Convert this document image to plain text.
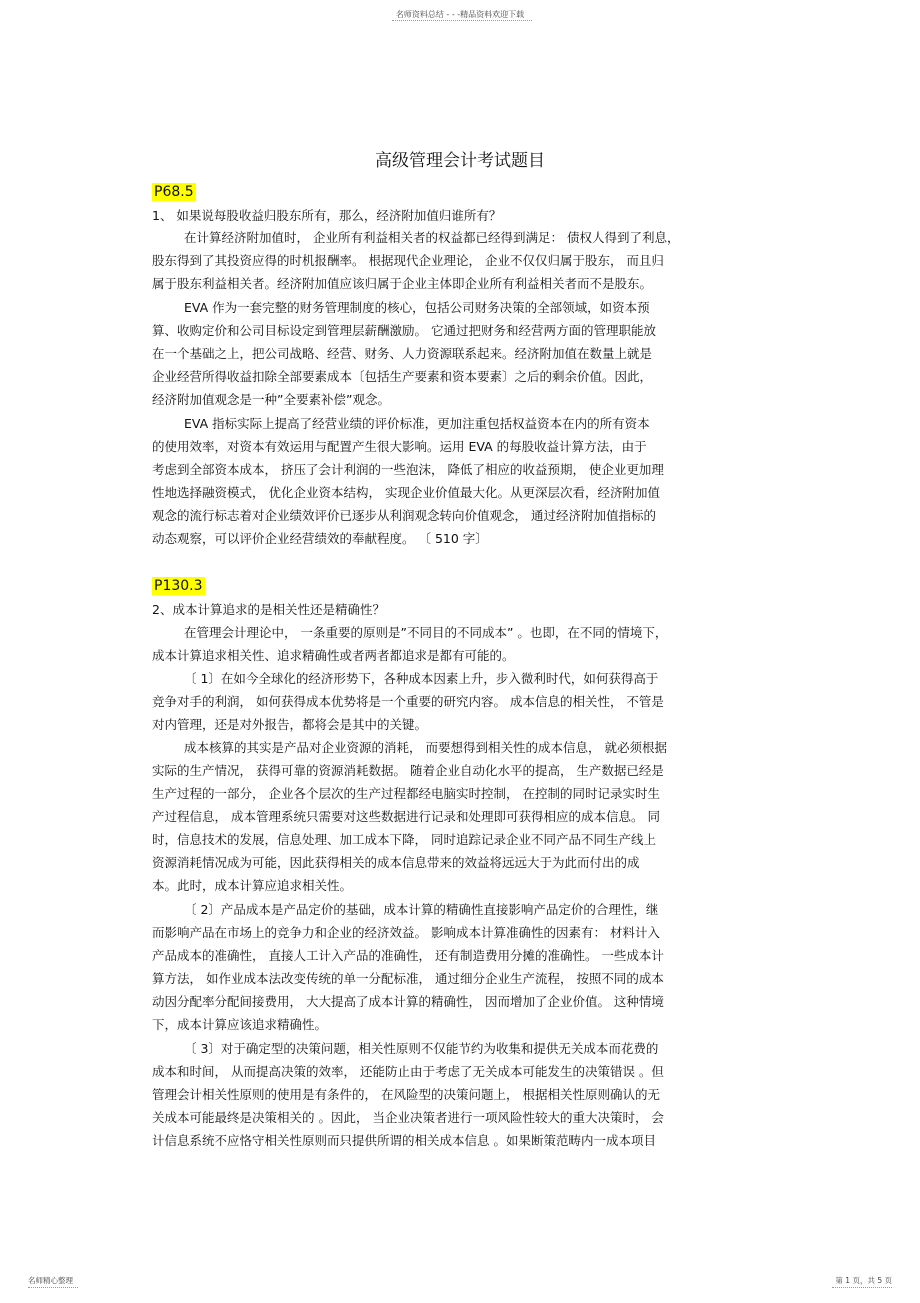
名师资料总结 - - -精品资料欢迎下载
高级管理会计考试题目
P68.5
1、 如果说每股收益归股东所有，那么，经济附加值归谁所有？
在计算经济附加值时， 企业所有利益相关者的权益都已经得到满足： 债权人得到了利息，
股东得到了其投资应得的时机报酬率。 根据现代企业理论， 企业不仅仅归属于股东， 而且归
属于股东利益相关者。经济附加值应该归属于企业主体即企业所有利益相关者而不是股东。
EVA 作为一套完整的财务管理制度的核心，包括公司财务决策的全部领域，如资本预
算、收购定价和公司目标设定到管理层薪酬激励。 它通过把财务和经营两方面的管理职能放
在一个基础之上，把公司战略、经营、财务、人力资源联系起来。经济附加值在数量上就是
企业经营所得收益扣除全部要素成本〔包括生产要素和资本要素〕之后的剩余价值。因此，
经济附加值观念是一种”全要素补偿”观念。
EVA 指标实际上提高了经营业绩的评价标准，更加注重包括权益资本在内的所有资本
的使用效率，对资本有效运用与配置产生很大影响。运用 EVA 的每股收益计算方法，由于
考虑到全部资本成本， 挤压了会计利润的一些泡沫， 降低了相应的收益预期， 使企业更加理
性地选择融资模式， 优化企业资本结构， 实现企业价值最大化。从更深层次看，经济附加值
观念的流行标志着对企业绩效评价已逐步从利润观念转向价值观念， 通过经济附加值指标的
动态观察，可以评价企业经营绩效的奉献程度。 〔 510 字〕
P130.3
2、成本计算追求的是相关性还是精确性？
在管理会计理论中， 一条重要的原则是”不同目的不同成本” 。也即，在不同的情境下，
成本计算追求相关性、追求精确性或者两者都追求是都有可能的。
〔 1〕在如今全球化的经济形势下，各种成本因素上升，步入微利时代，如何获得高于
竞争对手的利润， 如何获得成本优势将是一个重要的研究内容。 成本信息的相关性， 不管是
对内管理，还是对外报告，都将会是其中的关键。
成本核算的其实是产品对企业资源的消耗， 而要想得到相关性的成本信息， 就必须根据
实际的生产情况， 获得可靠的资源消耗数据。 随着企业自动化水平的提高， 生产数据已经是
生产过程的一部分， 企业各个层次的生产过程都经电脑实时控制， 在控制的同时记录实时生
产过程信息， 成本管理系统只需要对这些数据进行记录和处理即可获得相应的成本信息。 同
时，信息技术的发展，信息处理、加工成本下降， 同时追踪记录企业不同产品不同生产线上
资源消耗情况成为可能，因此获得相关的成本信息带来的效益将远远大于为此而付出的成
本。此时，成本计算应追求相关性。
〔 2〕产品成本是产品定价的基础，成本计算的精确性直接影响产品定价的合理性，继
而影响产品在市场上的竞争力和企业的经济效益。 影响成本计算准确性的因素有： 材料计入
产品成本的准确性， 直接人工计入产品的准确性， 还有制造费用分摊的准确性。 一些成本计
算方法， 如作业成本法改变传统的单一分配标准， 通过细分企业生产流程， 按照不同的成本
动因分配率分配间接费用， 大大提高了成本计算的精确性， 因而增加了企业价值。 这种情境
下，成本计算应该追求精确性。
〔 3〕对于确定型的决策问题，相关性原则不仅能节约为收集和提供无关成本而花费的
成本和时间， 从而提高决策的效率， 还能防止由于考虑了无关成本可能发生的决策错误 。但
管理会计相关性原则的使用是有条件的， 在风险型的决策问题上， 根据相关性原则确认的无
关成本可能最终是决策相关的 。因此， 当企业决策者进行一项风险性较大的重大决策时， 会
计信息系统不应恪守相关性原则而只提供所谓的相关成本信息 。如果断策范畴内一成本项目
名师精心整理	第 1 页，共 5 页
